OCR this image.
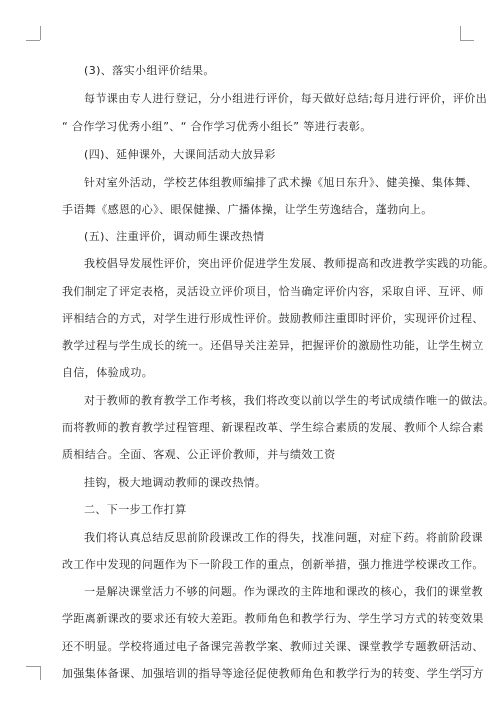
(3)、落实小组评价结果。
每节课由专人进行登记，分小组进行评价，每天做好总结;每月进行评价，评价出
“ 合作学习优秀小组”、“ 合作学习优秀小组长” 等进行表彰。
(四)、延伸课外，大课间活动大放异彩
针对室外活动，学校艺体组教师编排了武术操《旭日东升》、健美操、集体舞、
手语舞《感恩的心》、眼保健操、广播体操，让学生劳逸结合，蓬勃向上。
(五)、注重评价，调动师生课改热情
我校倡导发展性评价，突出评价促进学生发展、教师提高和改进教学实践的功能。
我们制定了评定表格，灵活设立评价项目，恰当确定评价内容，采取自评、互评、师
评相结合的方式，对学生进行形成性评价。鼓励教师注重即时评价，实现评价过程、
教学过程与学生成长的统一。还倡导关注差异，把握评价的激励性功能，让学生树立
自信，体验成功。
对于教师的教育教学工作考核，我们将改变以前以学生的考试成绩作唯一的做法。
而将教师的教育教学过程管理、新课程改革、学生综合素质的发展、教师个人综合素
质相结合。全面、客观、公正评价教师，并与绩效工资
挂钩，极大地调动教师的课改热情。
二、下一步工作打算
我们将认真总结反思前阶段课改工作的得失，找准问题，对症下药。将前阶段课
改工作中发现的问题作为下一阶段工作的重点，创新举措，强力推进学校课改工作。
一是解决课堂活力不够的问题。作为课改的主阵地和课改的核心，我们的课堂教
学距离新课改的要求还有较大差距。教师角色和教学行为、学生学习方式的转变效果
还不明显。学校将通过电子备课完善教学案、教师过关课、课堂教学专题教研活动、
加强集体备课、加强培训的指导等途径促使教师角色和教学行为的转变、学生学习方
